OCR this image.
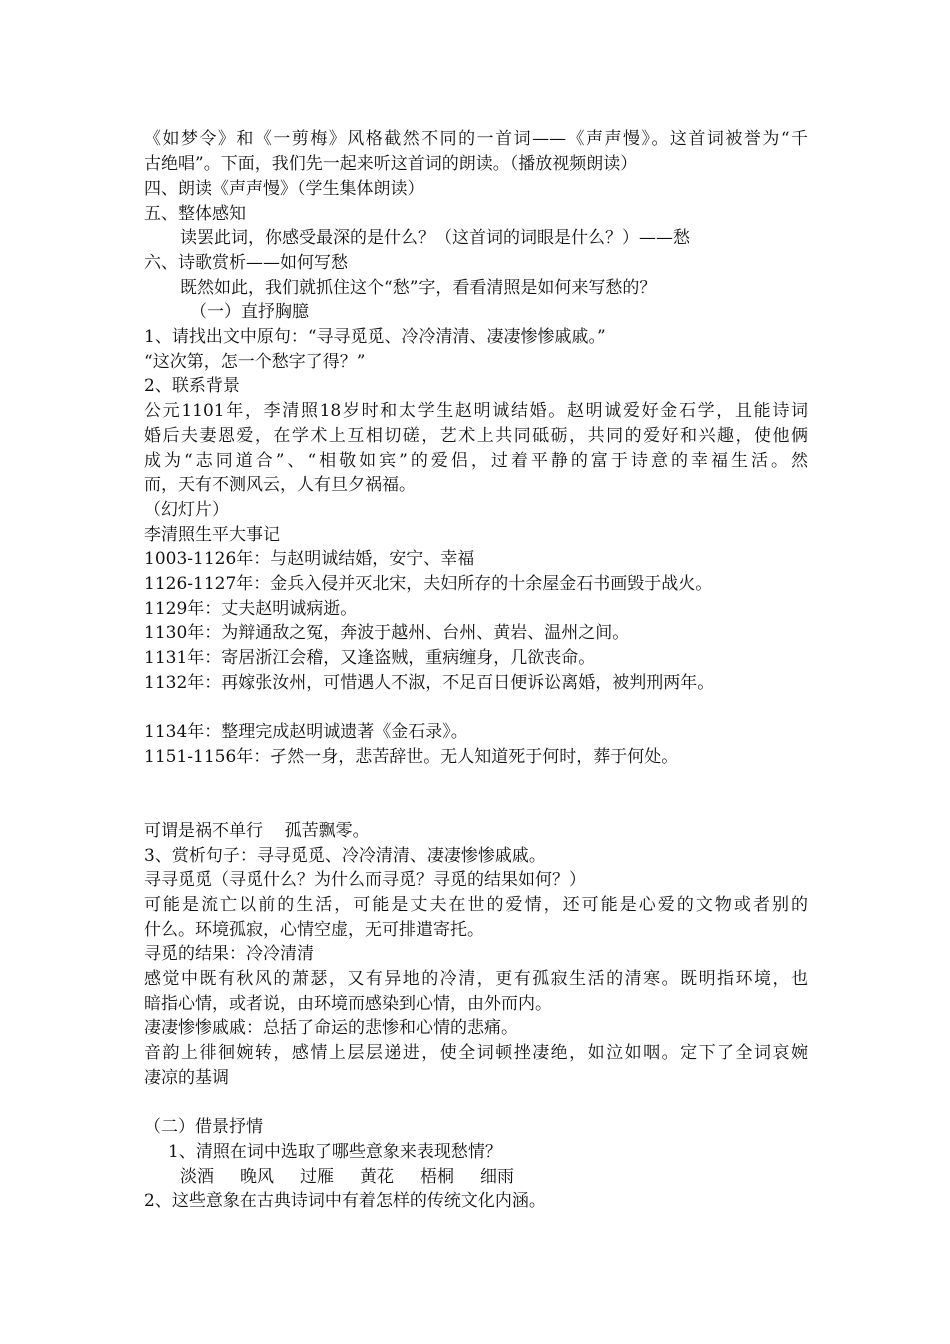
《如梦令》和《一剪梅》风格截然不同的一首词——《声声慢》。这首词被誉为“千
古绝唱”。下面，我们先一起来听这首词的朗读。（播放视频朗读）
四、朗读《声声慢》（学生集体朗读）
五、整体感知
读罢此词，你感受最深的是什么？（这首词的词眼是什么？）——愁
六、诗歌赏析——如何写愁
既然如此，我们就抓住这个“愁”字，看看清照是如何来写愁的？
（一）直抒胸臆
1、请找出文中原句：“寻寻觅觅、冷冷清清、凄凄惨惨戚戚。”
“这次第，怎一个愁字了得？”
2、联系背景
公元1101年，李清照18岁时和太学生赵明诚结婚。赵明诚爱好金石学，且能诗词
婚后夫妻恩爱，在学术上互相切磋，艺术上共同砥砺，共同的爱好和兴趣，使他俩
成为“志同道合”、“相敬如宾”的爱侣，过着平静的富于诗意的幸福生活。然
而，天有不测风云，人有旦夕祸福。
（幻灯片）
李清照生平大事记
1003-1126年：与赵明诚结婚，安宁、幸福
1126-1127年：金兵入侵并灭北宋，夫妇所存的十余屋金石书画毁于战火。
1129年：丈夫赵明诚病逝。
1130年：为辩通敌之冤，奔波于越州、台州、黄岩、温州之间。
1131年：寄居浙江会稽，又逢盗贼，重病缠身，几欲丧命。
1132年：再嫁张汝州，可惜遇人不淑，不足百日便诉讼离婚，被判刑两年。
1134年：整理完成赵明诚遗著《金石录》。
1151-1156年：孑然一身，悲苦辞世。无人知道死于何时，葬于何处。
可谓是祸不单行    孤苦飘零。
3、赏析句子：寻寻觅觅、冷冷清清、凄凄惨惨戚戚。
寻寻觅觅（寻觅什么？为什么而寻觅？寻觅的结果如何？）
可能是流亡以前的生活，可能是丈夫在世的爱情，还可能是心爱的文物或者别的
什么。环境孤寂，心情空虚，无可排遣寄托。
寻觅的结果：冷冷清清
感觉中既有秋风的萧瑟，又有异地的冷清，更有孤寂生活的清寒。既明指环境，也
暗指心情，或者说，由环境而感染到心情，由外而内。
凄凄惨惨戚戚：总括了命运的悲惨和心情的悲痛。
音韵上徘徊婉转，感情上层层递进，使全词顿挫凄绝，如泣如咽。定下了全词哀婉
凄凉的基调
（二）借景抒情
1、清照在词中选取了哪些意象来表现愁情？
淡酒 晚风 过雁 黄花 梧桐 细雨
2、这些意象在古典诗词中有着怎样的传统文化内涵。
